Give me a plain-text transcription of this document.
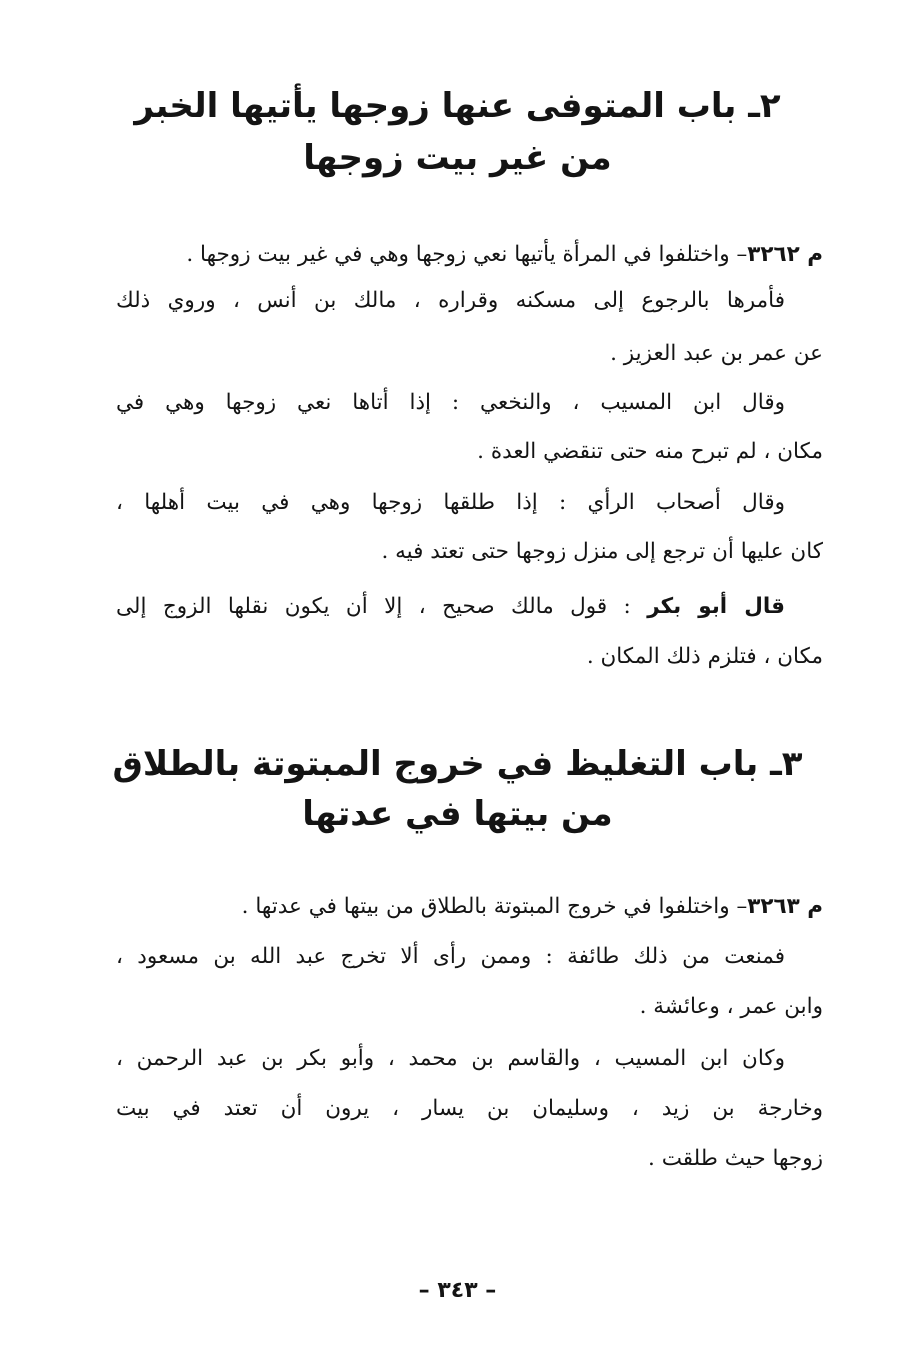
٢ـ باب المتوفى عنها زوجها يأتيها الخبر
من غير بيت زوجها
م ٣٢٦٢– واختلفوا في المرأة يأتيها نعي زوجها وهي في غير بيت زوجها .
فأمرها بالرجوع إلى مسكنه وقراره ، مالك بن أنس ، وروي ذلك
عن عمر بن عبد العزيز .
وقال ابن المسيب ، والنخعي : إذا أتاها نعي زوجها وهي في
مكان ، لم تبرح منه حتى تنقضي العدة .
وقال أصحاب الرأي : إذا طلقها زوجها وهي في بيت أهلها ،
كان عليها أن ترجع إلى منزل زوجها حتى تعتد فيه .
قال أبو بكر : قول مالك صحيح ، إلا أن يكون نقلها الزوج إلى
مكان ، فتلزم ذلك المكان .
٣ـ باب التغليظ في خروج المبتوتة بالطلاق
من بيتها في عدتها
م ٣٢٦٣– واختلفوا في خروج المبتوتة بالطلاق من بيتها في عدتها .
فمنعت من ذلك طائفة : وممن رأى ألا تخرج عبد الله بن مسعود ،
وابن عمر ، وعائشة .
وكان ابن المسيب ، والقاسم بن محمد ، وأبو بكر بن عبد الرحمن ،
وخارجة بن زيد ، وسليمان بن يسار ، يرون أن تعتد في بيت
زوجها حيث طلقت .
– ٣٤٣ –
